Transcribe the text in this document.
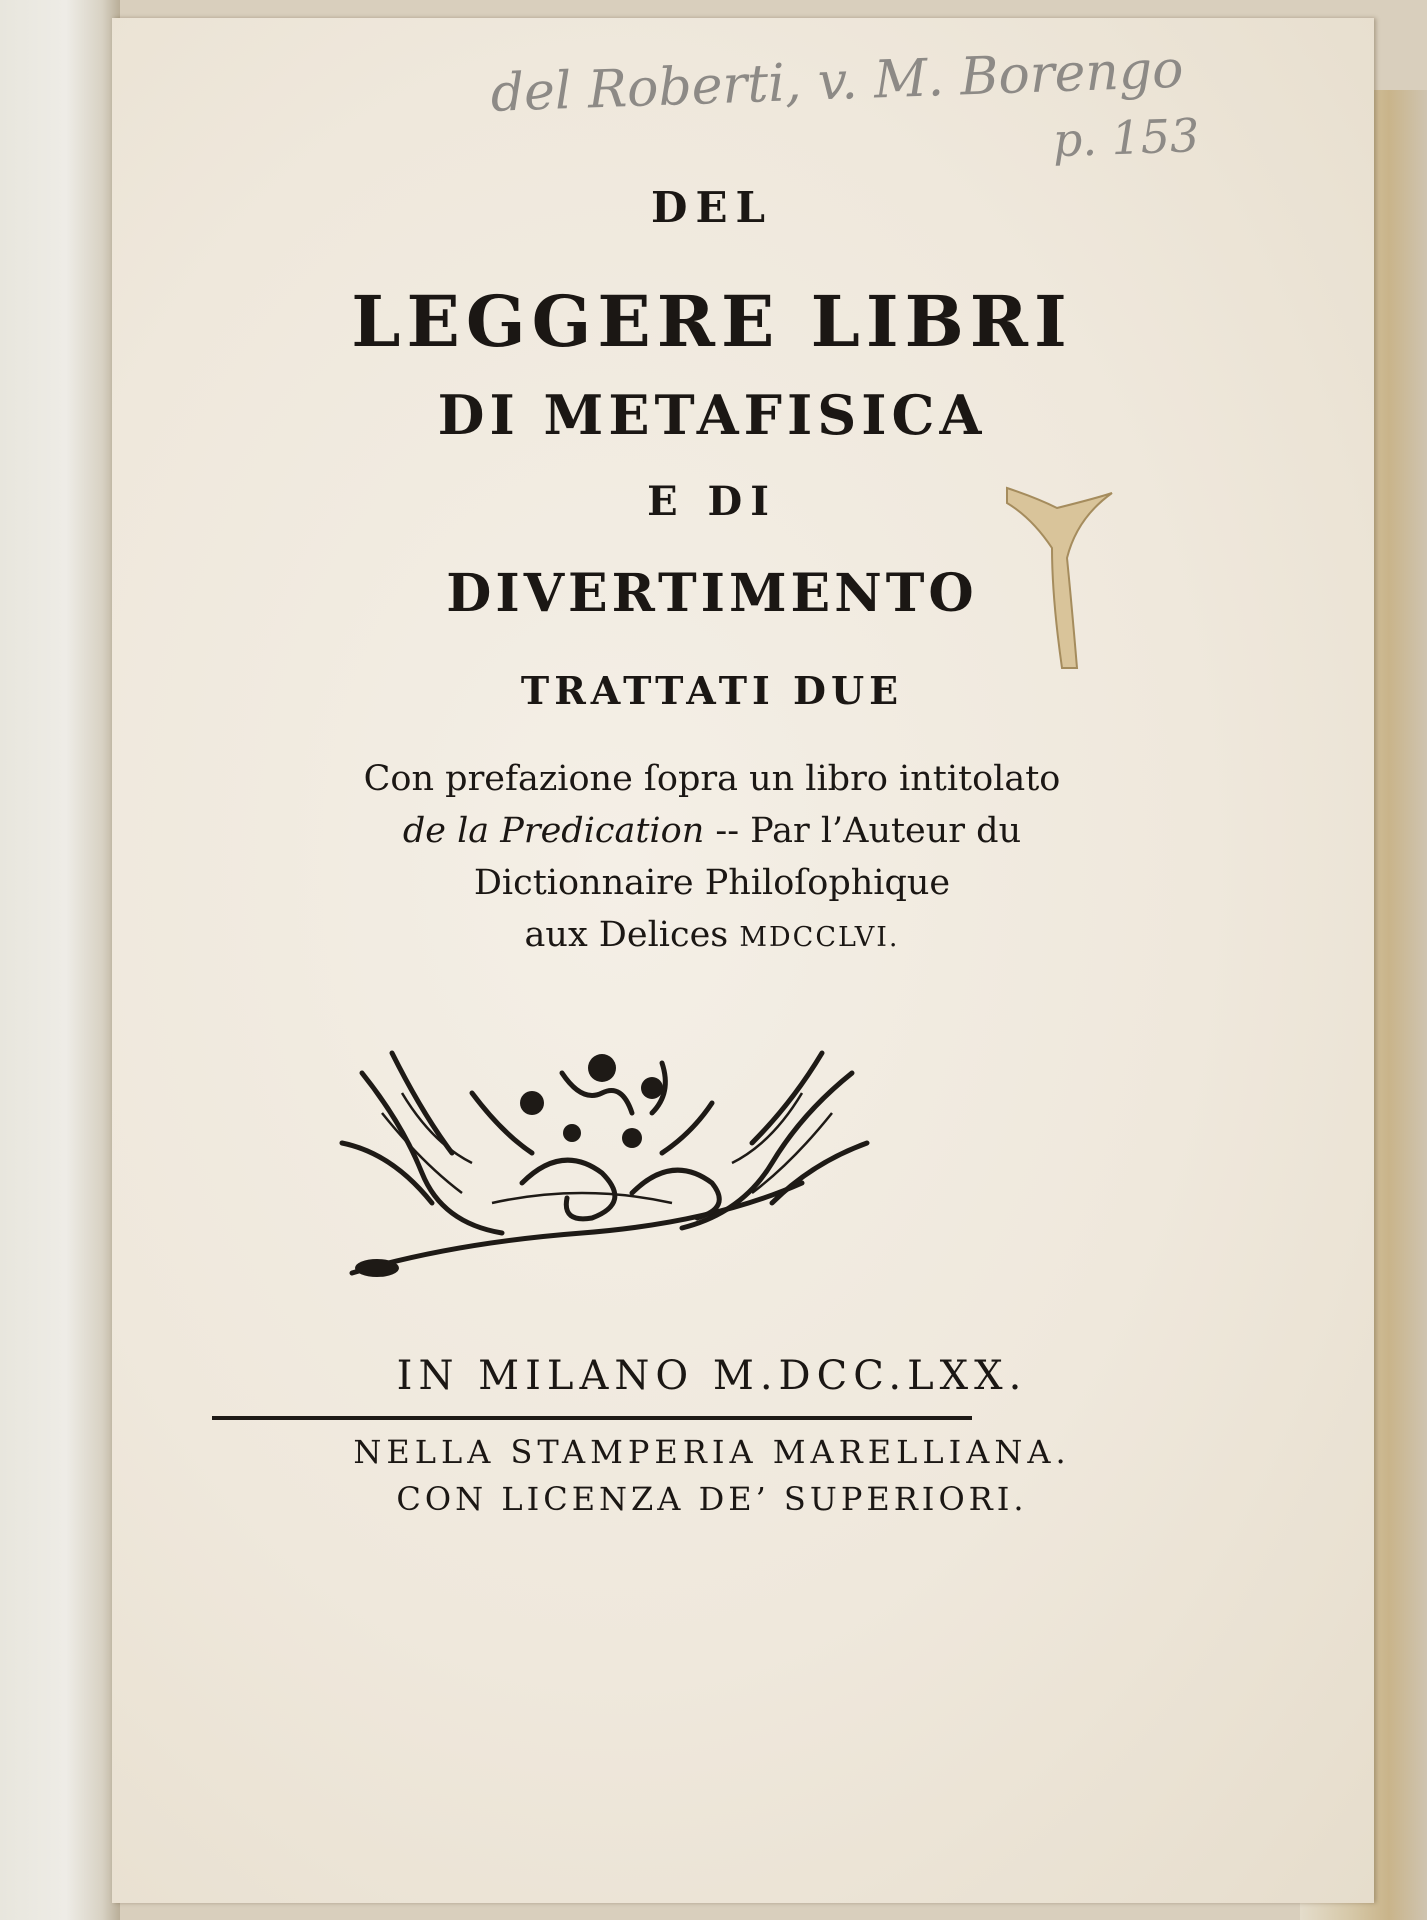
del Roberti, v. M. Borengo
p. 153
DEL
LEGGERE LIBRI
DI METAFISICA
E DI
DIVERTIMENTO
TRATTATI DUE
Con prefazione ſopra un libro intitolato
de la Predication -- Par l’Auteur du
Dictionnaire Philoſophique
aux Delices MDCCLVI.
IN MILANO M.DCC.LXX.
NELLA STAMPERIA MARELLIANA.
CON LICENZA DE’ SUPERIORI.
